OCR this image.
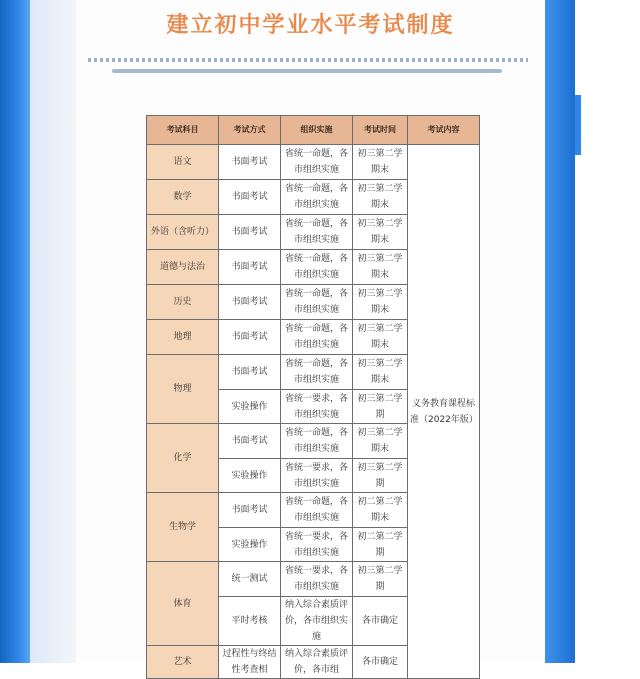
建立初中学业水平考试制度
考试科目	考试方式	组织实施	考试时间	考试内容
语文	书面考试	省统一命题，各市组织实施	初三第二学期末	义务教育课程标准（2022年版）
数学	书面考试	省统一命题，各市组织实施	初三第二学期末	
外语（含听力）	书面考试	省统一命题，各市组织实施	初三第二学期末	
道德与法治	书面考试	省统一命题，各市组织实施	初三第二学期末	
历史	书面考试	省统一命题，各市组织实施	初三第二学期末	
地理	书面考试	省统一命题，各市组织实施	初三第二学期末	
物理	书面考试	省统一命题，各市组织实施	初三第二学期末	
	实验操作	省统一要求，各市组织实施	初三第二学期	
化学	书面考试	省统一命题，各市组织实施	初三第二学期末	
	实验操作	省统一要求，各市组织实施	初三第二学期	
生物学	书面考试	省统一命题，各市组织实施	初二第二学期末	
	实验操作	省统一要求，各市组织实施	初二第二学期	
体育	统一测试	省统一要求，各市组织实施	初三第二学期	
	平时考核	纳入综合素质评价，各市组织实施	各市确定	
艺术	过程性与终结性考查相	纳入综合素质评价，各市组	各市确定	
